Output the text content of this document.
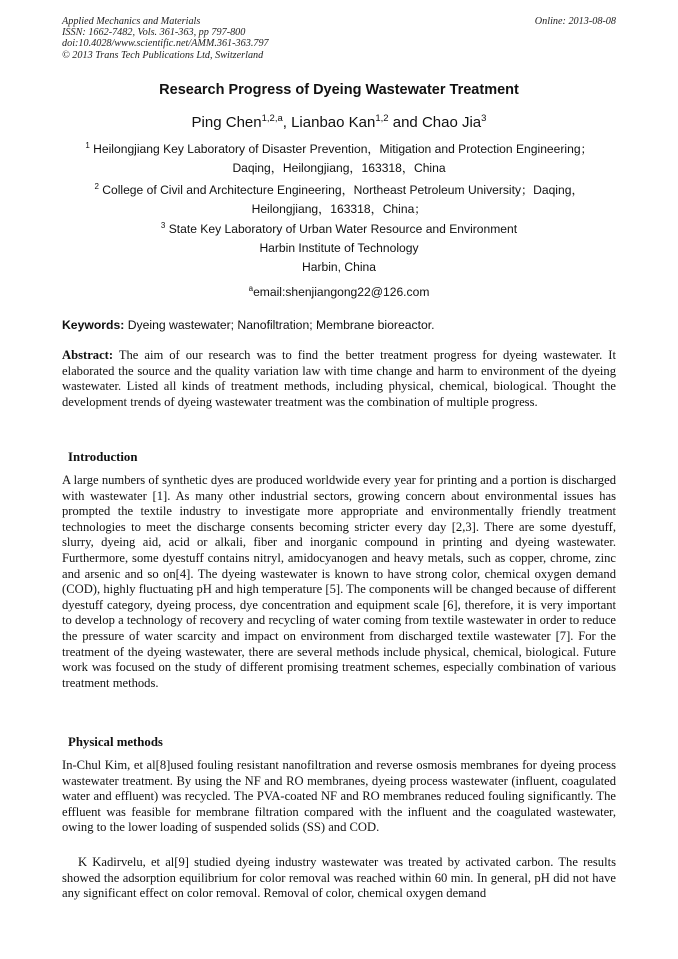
Applied Mechanics and Materials
ISSN: 1662-7482, Vols. 361-363, pp 797-800
doi:10.4028/www.scientific.net/AMM.361-363.797
© 2013 Trans Tech Publications Ltd, Switzerland
Online: 2013-08-08
Research Progress of Dyeing Wastewater Treatment
Ping Chen$^{1,2,a}$, Lianbao Kan$^{1,2}$ and Chao Jia$^3$
$^1$ Heilongjiang Key Laboratory of Disaster Prevention，Mitigation and Protection Engineering；
Daqing，Heilongjiang，163318，China
$^2$ College of Civil and Architecture Engineering，Northeast Petroleum University；Daqing，
Heilongjiang，163318，China；
$^3$ State Key Laboratory of Urban Water Resource and Environment
Harbin Institute of Technology
Harbin, China
$^a$email:shenjiangong22@126.com
Keywords: Dyeing wastewater; Nanofiltration; Membrane bioreactor.
Abstract: The aim of our research was to find the better treatment progress for dyeing wastewater. It elaborated the source and the quality variation law with time change and harm to environment of the dyeing wastewater. Listed all kinds of treatment methods, including physical, chemical, biological. Thought the development trends of dyeing wastewater treatment was the combination of multiple progress.
Introduction
A large numbers of synthetic dyes are produced worldwide every year for printing and a portion is discharged with wastewater [1]. As many other industrial sectors, growing concern about environmental issues has prompted the textile industry to investigate more appropriate and environmentally friendly treatment technologies to meet the discharge consents becoming stricter every day [2,3]. There are some dyestuff, slurry, dyeing aid, acid or alkali, fiber and inorganic compound in printing and dyeing wastewater. Furthermore, some dyestuff contains nitryl, amidocyanogen and heavy metals, such as copper, chrome, zinc and arsenic and so on[4]. The dyeing wastewater is known to have strong color, chemical oxygen demand (COD), highly fluctuating pH and high temperature [5]. The components will be changed because of different dyestuff category, dyeing process, dye concentration and equipment scale [6], therefore, it is very important to develop a technology of recovery and recycling of water coming from textile wastewater in order to reduce the pressure of water scarcity and impact on environment from discharged textile wastewater [7]. For the treatment of the dyeing wastewater, there are several methods include physical, chemical, biological. Future work was focused on the study of different promising treatment schemes, especially combination of various treatment methods.
Physical methods
In-Chul Kim, et al[8]used fouling resistant nanofiltration and reverse osmosis membranes for dyeing process wastewater treatment. By using the NF and RO membranes, dyeing process wastewater (influent, coagulated water and effluent) was recycled. The PVA-coated NF and RO membranes reduced fouling significantly. The effluent was feasible for membrane filtration compared with the influent and the coagulated wastewater, owing to the lower loading of suspended solids (SS) and COD.
K Kadirvelu, et al[9] studied dyeing industry wastewater was treated by activated carbon. The results showed the adsorption equilibrium for color removal was reached within 60 min. In general, pH did not have any significant effect on color removal. Removal of color, chemical oxygen demand
